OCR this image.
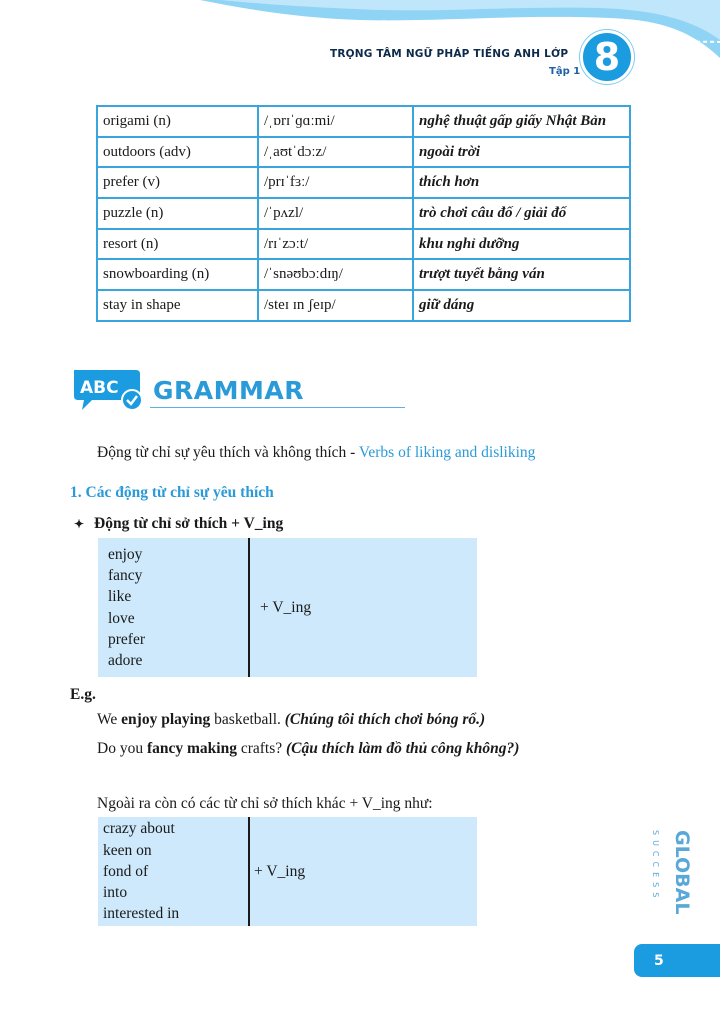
TRỌNG TÂM NGỮ PHÁP TIẾNG ANH LỚP
Tập 1 8
origami (n)	/ˌɒrɪˈɡɑːmi/	nghệ thuật gấp giấy Nhật Bản
outdoors (adv)	/ˌaʊtˈdɔːz/	ngoài trời
prefer (v)	/prɪˈfɜː/	thích hơn
puzzle (n)	/ˈpʌzl/	trò chơi câu đố / giải đố
resort (n)	/rɪˈzɔːt/	khu nghỉ dưỡng
snowboarding (n)	/ˈsnəʊbɔːdɪŋ/	trượt tuyết bằng ván
stay in shape	/steɪ ɪn ʃeɪp/	giữ dáng
ABC GRAMMAR
Động từ chỉ sự yêu thích và không thích - Verbs of liking and disliking
1. Các động từ chỉ sự yêu thích
✦ Động từ chỉ sở thích + V_ing
enjoy
fancy
like
love
prefer
adore
	+ V_ing
E.g.
We enjoy playing basketball. (Chúng tôi thích chơi bóng rổ.)
Do you fancy making crafts? (Cậu thích làm đồ thủ công không?)
Ngoài ra còn có các từ chỉ sở thích khác + V_ing như:
crazy about
keen on
fond of
into
interested in
	+ V_ing	GLOBAL
SUCCESS
5
